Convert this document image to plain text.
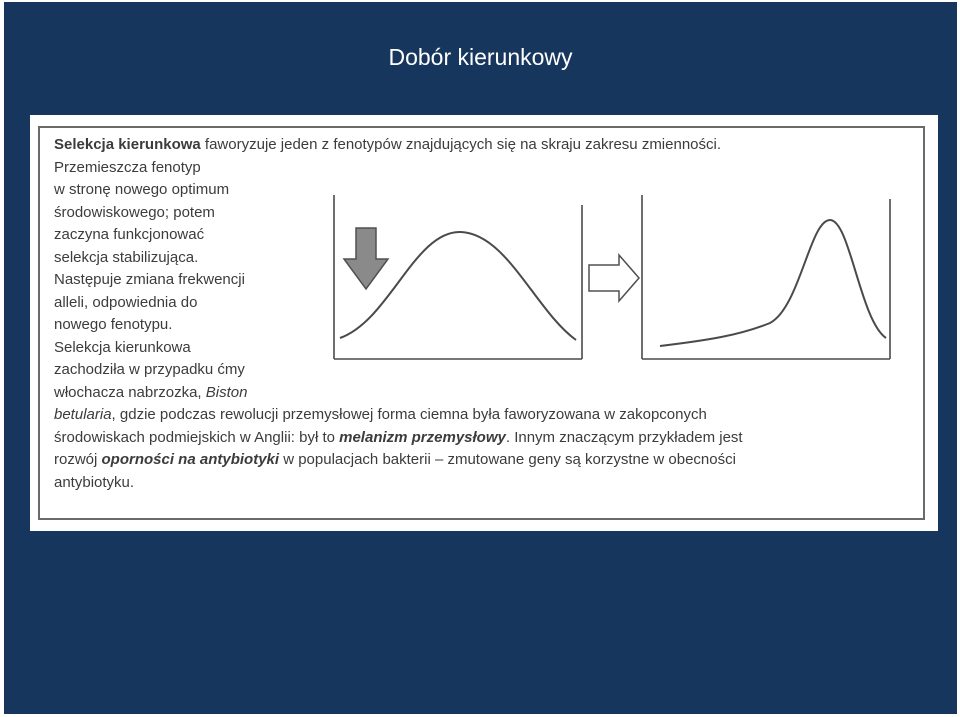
Dobór kierunkowy
Selekcja kierunkowa faworyzuje jeden z fenotypów znajdujących się na skraju zakresu zmienności.
Przemieszcza fenotyp
w stronę nowego optimum
środowiskowego; potem
zaczyna funkcjonować
selekcja stabilizująca.
Następuje zmiana frekwencji
alleli, odpowiednia do
nowego fenotypu.
Selekcja kierunkowa
zachodziła w przypadku ćmy
włochacza nabrzozka, Biston
betularia, gdzie podczas rewolucji przemysłowej forma ciemna była faworyzowana w zakopconych
środowiskach podmiejskich w Anglii: był to melanizm przemysłowy. Innym znaczącym przykładem jest
rozwój oporności na antybiotyki w populacjach bakterii – zmutowane geny są korzystne w obecności
antybiotyku.
